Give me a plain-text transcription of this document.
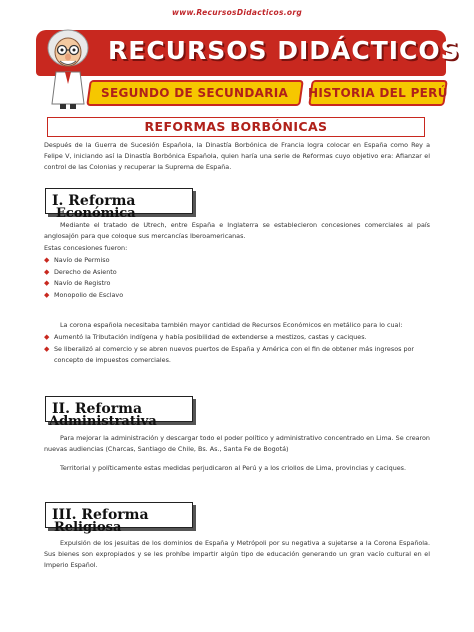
www.RecursosDidacticos.org
RECURSOS DIDÁCTICOS
SEGUNDO DE SECUNDARIA HISTORIA DEL PERÚ
REFORMAS BORBÓNICAS
Después de la Guerra de Sucesión Española, la Dinastía Borbónica de Francia logra colocar en España como Rey a Felipe V, iniciando así la Dinastía Borbónica Española, quien haría una serie de Reformas cuyo objetivo era: Afianzar el control de las Colonias y recuperar la Suprema de España.
I. Reforma
Económica
Mediante el tratado de Utrech, entre España e Inglaterra se establecieron concesiones comerciales al país anglosajón para que coloque sus mercancías Iberoamericanas.
Estas concesiones fueron:
◆ Navío de Permiso
◆ Derecho de Asiento
◆ Navío de Registro
◆ Monopolio de Esclavo
La corona española necesitaba también mayor cantidad de Recursos Económicos en metálico para lo cual:
◆ Aumentó la Tributación indígena y había posibilidad de extenderse a mestizos, castas y caciques.
◆ Se liberalizó al comercio y se abren nuevos puertos de España y América con el fin de obtener más ingresos por concepto de impuestos comerciales.
II. Reforma
Administrativa
Para mejorar la administración y descargar todo el poder político y administrativo concentrado en Lima. Se crearon nuevas audiencias (Charcas, Santiago de Chile, Bs. As., Santa Fe de Bogotá)
Territorial y políticamente estas medidas perjudicaron al Perú y a los criollos de Lima, provincias y caciques.
III. Reforma
Religiosa
Expulsión de los jesuitas de los dominios de España y Metrópoli por su negativa a sujetarse a la Corona Española. Sus bienes son expropiados y se les prohíbe impartir algún tipo de educación generando un gran vacío cultural en el Imperio Español.
